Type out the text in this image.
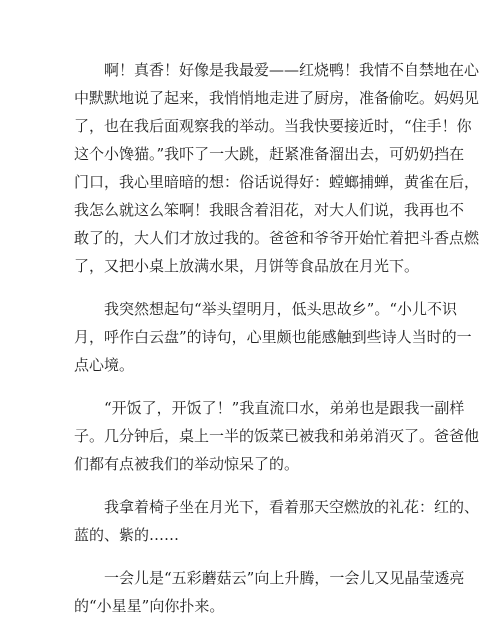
　　啊！真香！好像是我最爱——红烧鸭！我情不自禁地在心
中默默地说了起来，我悄悄地走进了厨房，准备偷吃。妈妈见
了，也在我后面观察我的举动。当我快要接近时，“住手！你
这个小馋猫。”我吓了一大跳，赶紧准备溜出去，可奶奶挡在
门口，我心里暗暗的想：俗话说得好：螳螂捕蝉，黄雀在后，
我怎么就这么笨啊！我眼含着泪花，对大人们说，我再也不
敢了的，大人们才放过我的。爸爸和爷爷开始忙着把斗香点燃
了，又把小桌上放满水果，月饼等食品放在月光下。
　　我突然想起句“举头望明月，低头思故乡”。“小儿不识
月，呼作白云盘”的诗句，心里颇也能感触到些诗人当时的一
点心境。
　　“开饭了，开饭了！”我直流口水，弟弟也是跟我一副样
子。几分钟后，桌上一半的饭菜已被我和弟弟消灭了。爸爸他
们都有点被我们的举动惊呆了的。
　　我拿着椅子坐在月光下，看着那天空燃放的礼花：红的、
蓝的、紫的……
　　一会儿是“五彩蘑菇云”向上升腾，一会儿又见晶莹透亮
的“小星星”向你扑来。
